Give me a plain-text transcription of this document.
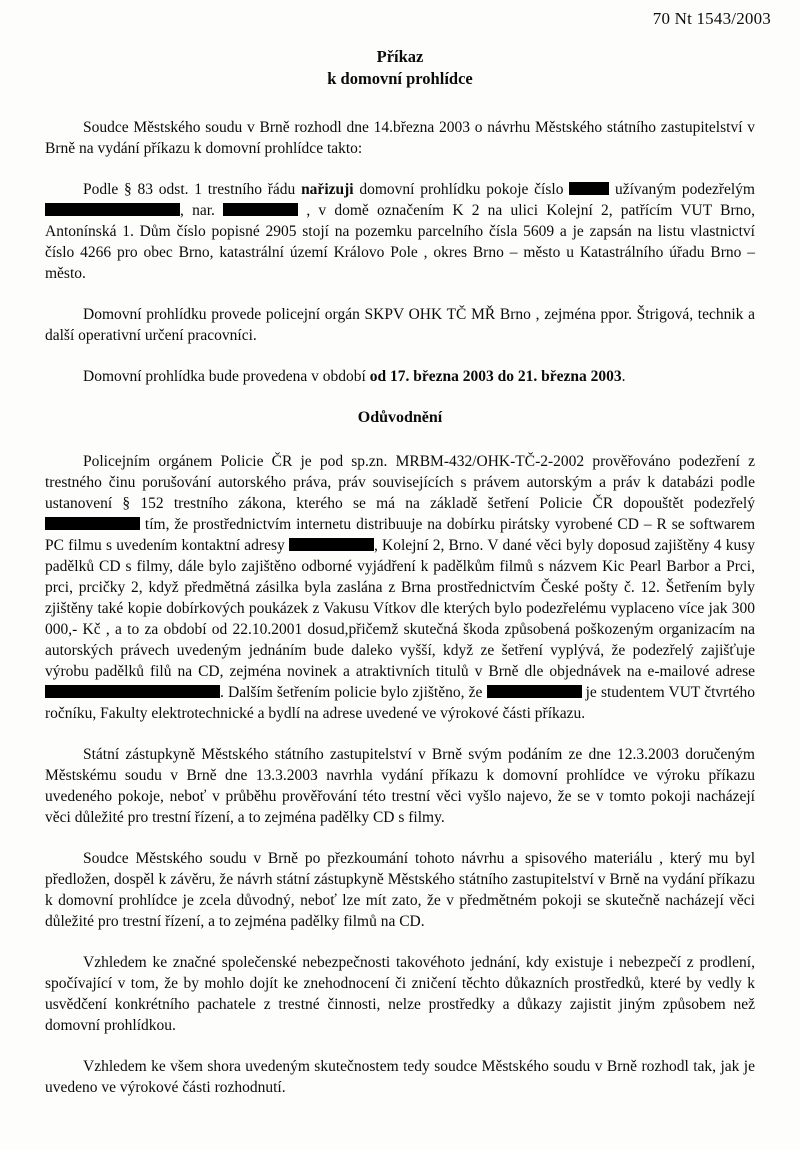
70 Nt 1543/2003
Příkaz
k domovní prohlídce

Soudce Městského soudu v Brně rozhodl dne 14.března 2003 o návrhu Městského státního zastupitelství v Brně na vydání příkazu k domovní prohlídce takto:

Podle § 83 odst. 1 trestního řádu nařizuji domovní prohlídku pokoje číslo	užívaným podezřelým , nar.	, v domě označením K 2 na ulici Kolejní 2, patřícím VUT Brno, Antonínská 1. Dům číslo popisné 2905 stojí na pozemku parcelního čísla 5609 a je zapsán na listu vlastnictví číslo 4266 pro obec Brno, katastrální území Královo Pole , okres Brno – město u Katastrálního úřadu Brno – město.

Domovní prohlídku provede policejní orgán SKPV OHK TČ MŘ Brno , zejména ppor. Štrigová, technik a další operativní určení pracovníci.

Domovní prohlídka bude provedena v období od 17. března 2003 do 21. března 2003.

Odůvodnění

Policejním orgánem Policie ČR je pod sp.zn. MRBM-432/OHK-TČ-2-2002 prověřováno podezření z trestného činu porušování autorského práva, práv souvisejících s právem autorským a práv k databázi podle ustanovení § 152 trestního zákona, kterého se má na základě šetření Policie ČR dopouštět podezřelý  tím, že prostřednictvím internetu distribuuje na dobírku pirátsky vyrobené CD – R se softwarem PC filmu s uvedením kontaktní adresy	, Kolejní 2, Brno. V dané věci byly doposud zajištěny 4 kusy padělků CD s filmy, dále bylo zajištěno odborné vyjádření k padělkům filmů s názvem Kic Pearl Barbor a Prci, prci, prcičky 2, když předmětná zásilka byla zaslána z Brna prostřednictvím České pošty č. 12. Šetřením byly zjištěny také kopie dobírkových poukázek z Vakusu Vítkov dle kterých bylo podezřelému vyplaceno více jak 300 000,- Kč , a to za období od 22.10.2001 dosud,přičemž skutečná škoda způsobená poškozeným organizacím na autorských právech uvedeným jednáním bude daleko vyšší, když ze šetření vyplývá, že podezřelý zajišťuje výrobu padělků filů na CD, zejména novinek a atraktivních titulů v Brně dle objednávek na e-mailové adrese . Dalším šetřením policie bylo zjištěno, že	je studentem VUT čtvrtého ročníku, Fakulty elektrotechnické a bydlí na adrese uvedené ve výrokové části příkazu.

Státní zástupkyně Městského státního zastupitelství v Brně svým podáním ze dne 12.3.2003 doručeným Městskému soudu v Brně dne 13.3.2003 navrhla vydání příkazu k domovní prohlídce ve výroku příkazu uvedeného pokoje, neboť v průběhu prověřování této trestní věci vyšlo najevo, že se v tomto pokoji nacházejí věci důležité pro trestní řízení, a to zejména padělky CD s filmy.

Soudce Městského soudu v Brně po přezkoumání tohoto návrhu a spisového materiálu , který mu byl předložen, dospěl k závěru, že návrh státní zástupkyně Městského státního zastupitelství v Brně na vydání příkazu k domovní prohlídce je zcela důvodný, neboť lze mít zato, že v předmětném pokoji se skutečně nacházejí věci důležité pro trestní řízení, a to zejména padělky filmů na CD.

Vzhledem ke značné společenské nebezpečnosti takovéhoto jednání, kdy existuje i nebezpečí z prodlení, spočívající v tom, že by mohlo dojít ke znehodnocení či zničení těchto důkazních prostředků, které by vedly k usvědčení konkrétního pachatele z trestné činnosti, nelze prostředky a důkazy zajistit jiným způsobem než domovní prohlídkou.

Vzhledem ke všem shora uvedeným skutečnostem tedy soudce Městského soudu v Brně rozhodl tak, jak je uvedeno ve výrokové části rozhodnutí.
